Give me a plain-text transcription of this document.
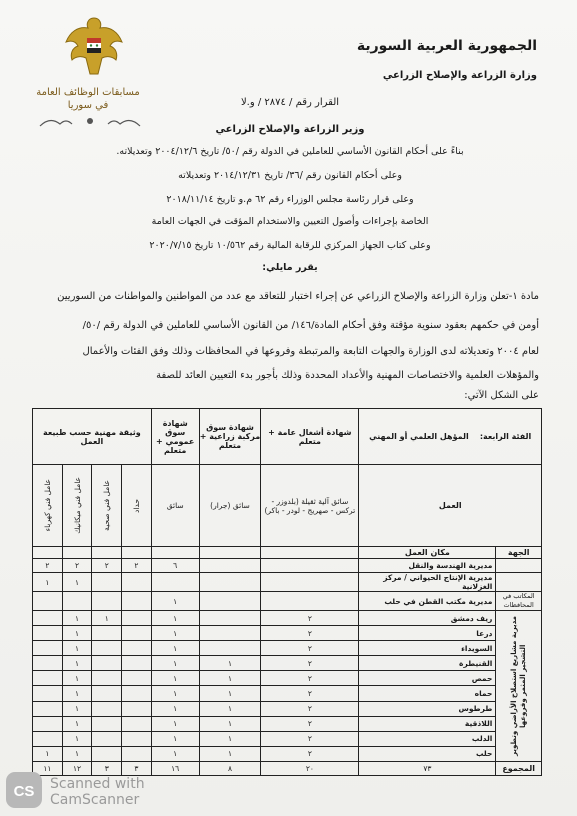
مسابقات الوظائف العامة
في سوريا
الجمهورية العربية السورية
وزارة الزراعة والإصلاح الزراعي
القرار رقم / ٢٨٧٤ / و.لا
وزير الزراعة والإصلاح الزراعي
بناءً على أحكام القانون الأساسي للعاملين في الدولة رقم /٥٠/ تاريخ ٢٠٠٤/١٢/٦ وتعديلاته.
وعلى أحكام القانون رقم /٣٦/ تاريخ ٢٠١٤/١٢/٣١ وتعديلاته
وعلى قرار رئاسة مجلس الوزراء رقم ٦٢ م.و تاريخ ٢٠١٨/١١/١٤
الخاصة بإجراءات وأصول التعيين والاستخدام المؤقت في الجهات العامة
وعلى كتاب الجهاز المركزي للرقابة المالية رقم ١٠/٥٦٢ تاريخ ٢٠٢٠/٧/١٥
يقرر مايلي:
مادة ١-تعلن وزارة الزراعة والإصلاح الزراعي عن إجراء اختبار للتعاقد مع عدد من المواطنين والمواطنات من السوريين
أومن في حكمهم بعقود سنوية مؤقتة وفق أحكام المادة/١٤٦/ من القانون الأساسي للعاملين في الدولة رقم /٥٠/
لعام ٢٠٠٤ وتعديلاته لدى الوزارة والجهات التابعة والمرتبطة وفروعها في المحافظات وذلك وفق الفئات والأعمال
والمؤهلات العلمية والاختصاصات المهنية والأعداد المحددة وذلك بأجور بدء التعيين العائد للصفة
على الشكل الآتي:
الفئة الرابعة:    المؤهل العلمي أو المهني		شهادة أشغال عامة + متعلم	شهادة سوق مركبة زراعية + متعلم	شهادة سوق عمومي + متعلم	وثيقة مهنية حسب طبيعة العمل			
العمل		سائق آلية ثقيلة (بلدوزر - تركس - صهريج - لودر - باكر)	سائق (جرار)	سائق	حداد	عامل فني صحية	عامل فني ميكانيك	عامل فني كهرباء

الجهة	مكان العمل							
	مديرية الهندسة والنقل			٦	٢	٢	٢	٢
	مديرية الإنتاج الحيواني / مركز الغزلانية						١	١
المكاتب في المحافظات	مديرية مكتب القطن في حلب			١				

مديرية مشاريع استصلاح الأراضي وتطوير التشجير المثمر وفروعها	ريف دمشق	٢		١		١	١	
	درعا	٢		١			١	
	السويداء	٢		١			١	
	القنيطرة	٢	١	١			١	
	حمص	٢	١	١			١	
	حماه	٢	١	١			١	
	طرطوس	٢	١	١			١	
	اللاذقية	٢	١	١			١	
	الدلب	٢	١	١			١	
	حلب	٢	١	١			١	١
المجموع	٧٣	٢٠	٨	١٦	٣	٣	١٢	١١
CS Scanned with
CamScanner
